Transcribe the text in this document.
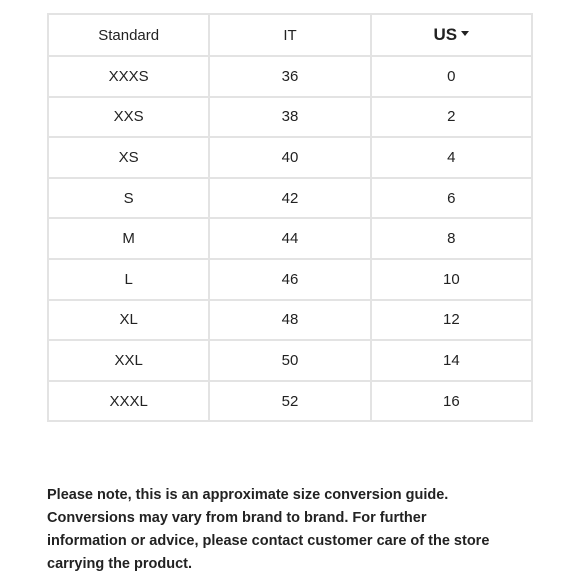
Standard	IT	US
XXXS	36	0
XXS	38	2
XS	40	4
S	42	6
M	44	8
L	46	10
XL	48	12
XXL	50	14
XXXL	52	16

Please note, this is an approximate size conversion guide.
Conversions may vary from brand to brand. For further
information or advice, please contact customer care of the store
carrying the product.
